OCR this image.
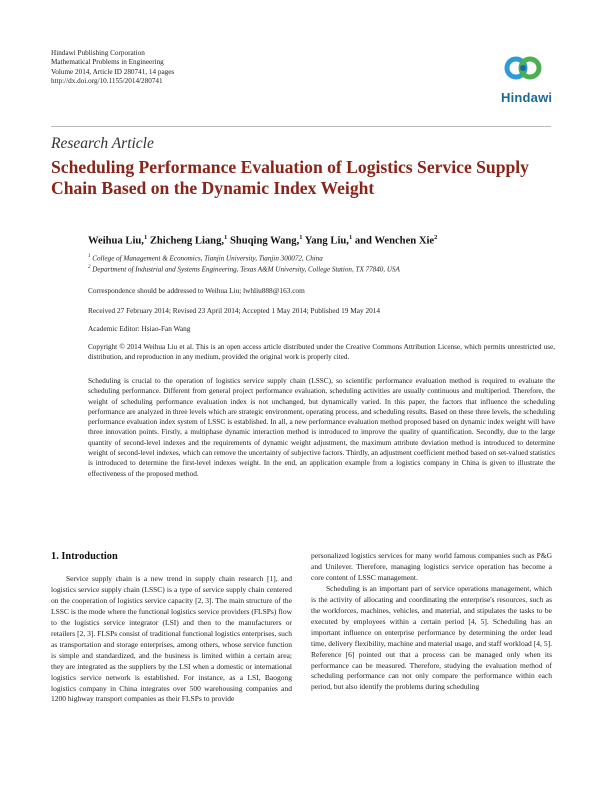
Hindawi Publishing Corporation
Mathematical Problems in Engineering
Volume 2014, Article ID 280741, 14 pages
http://dx.doi.org/10.1155/2014/280741
Hindawi
Research Article
Scheduling Performance Evaluation of Logistics Service Supply
Chain Based on the Dynamic Index Weight
Weihua Liu,$^1$ Zhicheng Liang,$^1$ Shuqing Wang,$^1$ Yang Liu,$^1$ and Wenchen Xie$^2$
$^1$ College of Management & Economics, Tianjin University, Tianjin 300072, China
$^2$ Department of Industrial and Systems Engineering, Texas A&M University, College Station, TX 77840, USA
Correspondence should be addressed to Weihua Liu; lwhliu888@163.com
Received 27 February 2014; Revised 23 April 2014; Accepted 1 May 2014; Published 19 May 2014
Academic Editor: Hsiao-Fan Wang
Copyright © 2014 Weihua Liu et al. This is an open access article distributed under the Creative Commons Attribution License, which permits unrestricted use, distribution, and reproduction in any medium, provided the original work is properly cited.
Scheduling is crucial to the operation of logistics service supply chain (LSSC), so scientific performance evaluation method is required to evaluate the scheduling performance. Different from general project performance evaluation, scheduling activities are usually continuous and multiperiod. Therefore, the weight of scheduling performance evaluation index is not unchanged, but dynamically varied. In this paper, the factors that influence the scheduling performance are analyzed in three levels which are strategic environment, operating process, and scheduling results. Based on these three levels, the scheduling performance evaluation index system of LSSC is established. In all, a new performance evaluation method proposed based on dynamic index weight will have three innovation points. Firstly, a multiphase dynamic interaction method is introduced to improve the quality of quantification. Secondly, due to the large quantity of second-level indexes and the requirements of dynamic weight adjustment, the maximum attribute deviation method is introduced to determine weight of second-level indexes, which can remove the uncertainty of subjective factors. Thirdly, an adjustment coefficient method based on set-valued statistics is introduced to determine the first-level indexes weight. In the end, an application example from a logistics company in China is given to illustrate the effectiveness of the proposed method.
1. Introduction

Service supply chain is a new trend in supply chain research [1], and logistics service supply chain (LSSC) is a type of service supply chain centered on the cooperation of logistics service capacity [2, 3]. The main structure of the LSSC is the mode where the functional logistics service providers (FLSPs) flow to the logistics service integrator (LSI) and then to the manufacturers or retailers [2, 3]. FLSPs consist of traditional functional logistics enterprises, such as transportation and storage enterprises, among others, whose service function is simple and standardized, and the business is limited within a certain area; they are integrated as the suppliers by the LSI when a domestic or international logistics service network is established. For instance, as a LSI, Baogong logistics company in China integrates over 500 warehousing companies and 1200 highway transport companies as their FLSPs to provide

personalized logistics services for many world famous companies such as P&G and Unilever. Therefore, managing logistics service operation has become a core content of LSSC management.

Scheduling is an important part of service operations management, which is the activity of allocating and coordinating the enterprise's resources, such as the workforces, machines, vehicles, and material, and stipulates the tasks to be executed by employees within a certain period [4, 5]. Scheduling has an important influence on enterprise performance by determining the order lead time, delivery flexibility, machine and material usage, and staff workload [4, 5]. Reference [6] pointed out that a process can be managed only when its performance can be measured. Therefore, studying the evaluation method of scheduling performance can not only compare the performance within each period, but also identify the problems during scheduling
